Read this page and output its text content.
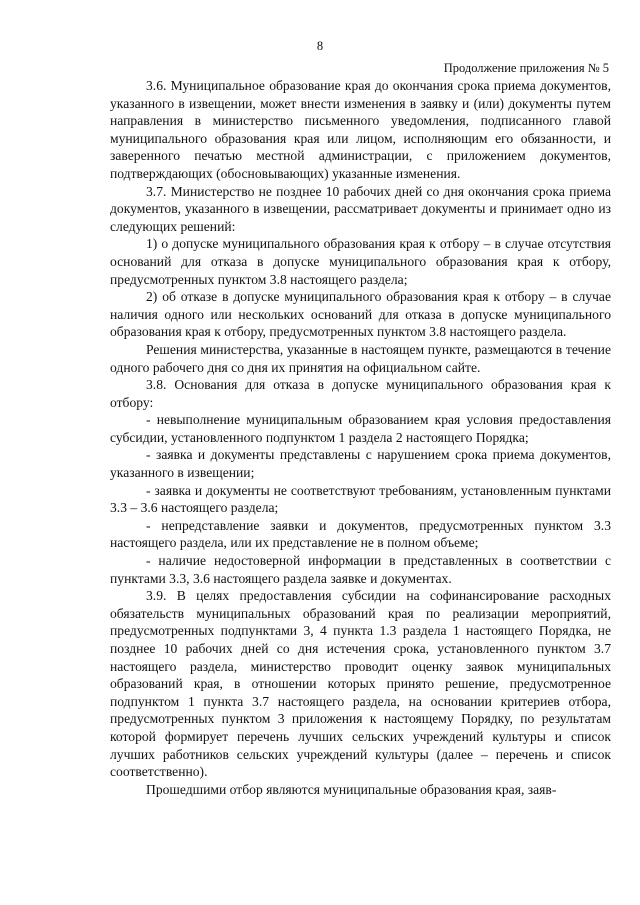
8
Продолжение приложения № 5

3.6. Муниципальное образование края до окончания срока приема документов, указанного в извещении, может внести изменения в заявку и (или) документы путем направления в министерство письменного уведомления, подписанного главой муниципального образования края или лицом, исполняющим его обязанности, и заверенного печатью местной администрации, с приложением документов, подтверждающих (обосновывающих) указанные изменения.

3.7. Министерство не позднее 10 рабочих дней со дня окончания срока приема документов, указанного в извещении, рассматривает документы и принимает одно из следующих решений:

1) о допуске муниципального образования края к отбору – в случае отсутствия оснований для отказа в допуске муниципального образования края к отбору, предусмотренных пунктом 3.8 настоящего раздела;

2) об отказе в допуске муниципального образования края к отбору – в случае наличия одного или нескольких оснований для отказа в допуске муниципального образования края к отбору, предусмотренных пунктом 3.8 настоящего раздела.

Решения министерства, указанные в настоящем пункте, размещаются в течение одного рабочего дня со дня их принятия на официальном сайте.

3.8. Основания для отказа в допуске муниципального образования края к отбору:

- невыполнение муниципальным образованием края условия предоставления субсидии, установленного подпунктом 1 раздела 2 настоящего Порядка;

- заявка и документы представлены с нарушением срока приема документов, указанного в извещении;

- заявка и документы не соответствуют требованиям, установленным пунктами 3.3 – 3.6 настоящего раздела;

- непредставление заявки и документов, предусмотренных пунктом 3.3 настоящего раздела, или их представление не в полном объеме;

- наличие недостоверной информации в представленных в соответствии с пунктами 3.3, 3.6 настоящего раздела заявке и документах.

3.9. В целях предоставления субсидии на софинансирование расходных обязательств муниципальных образований края по реализации мероприятий, предусмотренных подпунктами 3, 4 пункта 1.3 раздела 1 настоящего Порядка, не позднее 10 рабочих дней со дня истечения срока, установленного пунктом 3.7 настоящего раздела, министерство проводит оценку заявок муниципальных образований края, в отношении которых принято решение, предусмотренное подпунктом 1 пункта 3.7 настоящего раздела, на основании критериев отбора, предусмотренных пунктом 3 приложения к настоящему Порядку, по результатам которой формирует перечень лучших сельских учреждений культуры и список лучших работников сельских учреждений культуры (далее – перечень и список соответственно).

Прошедшими отбор являются муниципальные образования края, заяв-
